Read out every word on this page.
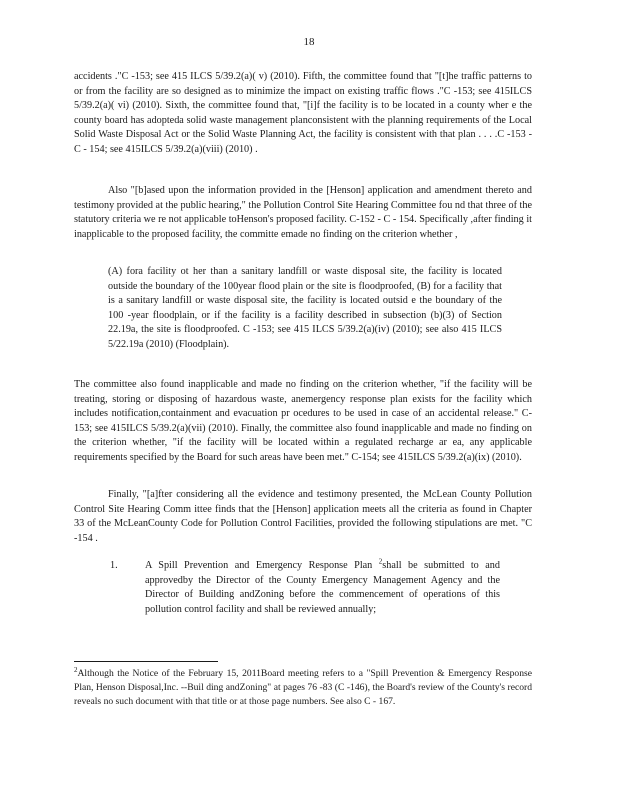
18

accidents ."C -153; see 415 ILCS 5/39.2(a)( v) (2010). Fifth, the committee found that "[t]he traffic patterns to or from the facility are so designed as to minimize the impact on existing traffic flows ."C -153; see 415ILCS 5/39.2(a)( vi) (2010). Sixth, the committee found that, "[i]f the facility is to be located in a county wher e the county board has adopteda solid waste management planconsistent with the planning requirements of the Local Solid Waste Disposal Act or the Solid Waste Planning Act, the facility is consistent with that plan . . . .C -153 - C - 154; see 415ILCS 5/39.2(a)(viii) (2010) .

Also "[b]ased upon the information provided in the [Henson] application and amendment thereto and testimony provided at the public hearing," the Pollution Control Site Hearing Committee fou nd that three of the statutory criteria we re not applicable toHenson's proposed facility. C-152 - C - 154. Specifically ,after finding it inapplicable to the proposed facility, the committe emade no finding on the criterion whether ,

(A) fora facility ot her than a sanitary landfill or waste disposal site, the facility is located outside the boundary of the 100year flood plain or the site is floodproofed, (B) for a facility that is a sanitary landfill or waste disposal site, the facility is located outsid e the boundary of the 100 -year floodplain, or if the facility is a facility described in subsection (b)(3) of Section 22.19a, the site is floodproofed. C -153; see 415 ILCS 5/39.2(a)(iv) (2010); see also 415 ILCS 5/22.19a (2010) (Floodplain).

The committee also found inapplicable and made no finding on the criterion whether, "if the facility will be treating, storing or disposing of hazardous waste, anemergency response plan exists for the facility which includes notification,containment and evacuation pr ocedures to be used in case of an accidental release." C-153; see 415ILCS 5/39.2(a)(vii) (2010). Finally, the committee also found inapplicable and made no finding on the criterion whether, "if the facility will be located within a regulated recharge ar ea, any applicable requirements specified by the Board for such areas have been met." C-154; see 415ILCS 5/39.2(a)(ix) (2010).

Finally, "[a]fter considering all the evidence and testimony presented, the McLean County Pollution Control Site Hearing Comm ittee finds that the [Henson] application meets all the criteria as found in Chapter 33 of the McLeanCounty Code for Pollution Control Facilities, provided the following stipulations are met. "C -154 .

1.	A Spill Prevention and Emergency Response Plan $^2$shall be submitted to and approvedby the Director of the County Emergency Management Agency and the Director of Building andZoning before the commencement of operations of this pollution control facility and shall be reviewed annually;

$^2$Although the Notice of the February 15, 2011Board meeting refers to a "Spill Prevention & Emergency Response Plan, Henson Disposal,Inc. --Buil ding andZoning" at pages 76 -83 (C -146), the Board's review of the County's record reveals no such document with that title or at those page numbers. See also C - 167.
